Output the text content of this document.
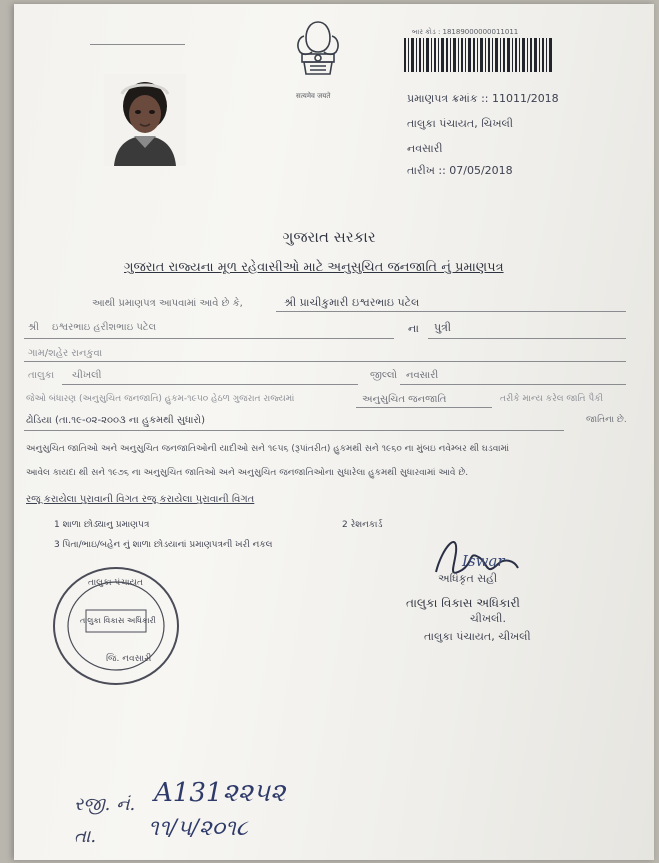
सत्यमेव जयते
બાર કોડ : 18189000000011011
પ્રમાણપત્ર ક્રમાંક :: 11011/2018
તાલુકા પંચાયત, ચિખલી
નવસારી
તારીખ :: 07/05/2018
ગુજરાત સરકાર
ગુજરાત રાજ્યના મૂળ રહેવાસીઓ માટે અનુસુચિત જનજાતિ નું પ્રમાણપત્ર
આથી પ્રમાણપત્ર આપવામાં આવે છે કે,	શ્રી પ્રાચીકુમારી ઇશ્વરભાઇ પટેલ
શ્રી ઇશ્વરભાઇ હરીશભાઇ પટેલ	ના પુત્રી
ગામ/શહેર રાનકુવા
તાલુકા ચીખલી	જીલ્લો નવસારી
જેઓ બંધારણ (અનુસુચિત જનજાતિ) હુકમ-૧૯૫૦ હેઠળ ગુજરાત રાજ્યમાં	અનુસુચિત જનજાતિ	તરીકે માન્ય કરેલ જાતિ પૈકી
ઢોડિયા (તા.૧૯-૦૨-૨૦૦૩ ના હુકમથી સુધારો)	જાતિના છે.
અનુસુચિત જાતિઓ અને અનુસુચિત જનજાતિઓની યાદીઓ સને ૧૯૫૬ (રૂપાંતરીત) હુકમથી સને ૧૯૬૦ ના મુંબઇ નવેમ્બર થી ઘડવામાં
આવેલ કાયદા થી સને ૧૯૭૬ ના અનુસુચિત જાતિઓ અને અનુસુચિત જનજાતિઓના સુધારેલા હુકમથી સુધારવામાં આવે છે.
રજૂ કરાયેલા પુરાવાની વિગત રજૂ કરાયેલા પુરાવાની વિગત
1 શાળા છોડ્યાનુ પ્રમાણપત્ર	2 રેશનકાર્ડ
3 પિતા/ભાઇ/બહેન નું શાળા છોડયાનાં પ્રમાણપત્રની ખરી નકલ
Iswar
અધિકૃત સહી
તાલુકા વિકાસ અધિકારી
ચીખલી.
તાલુકા પંચાયત, ચીખલી
તાલુકા પંચાયત
તાલુકા વિકાસ અધિકારી
જિ. નવસારી
રજી. નં. A131૨૨૫૨
તા. ૧૧/૫/૨૦૧૮
